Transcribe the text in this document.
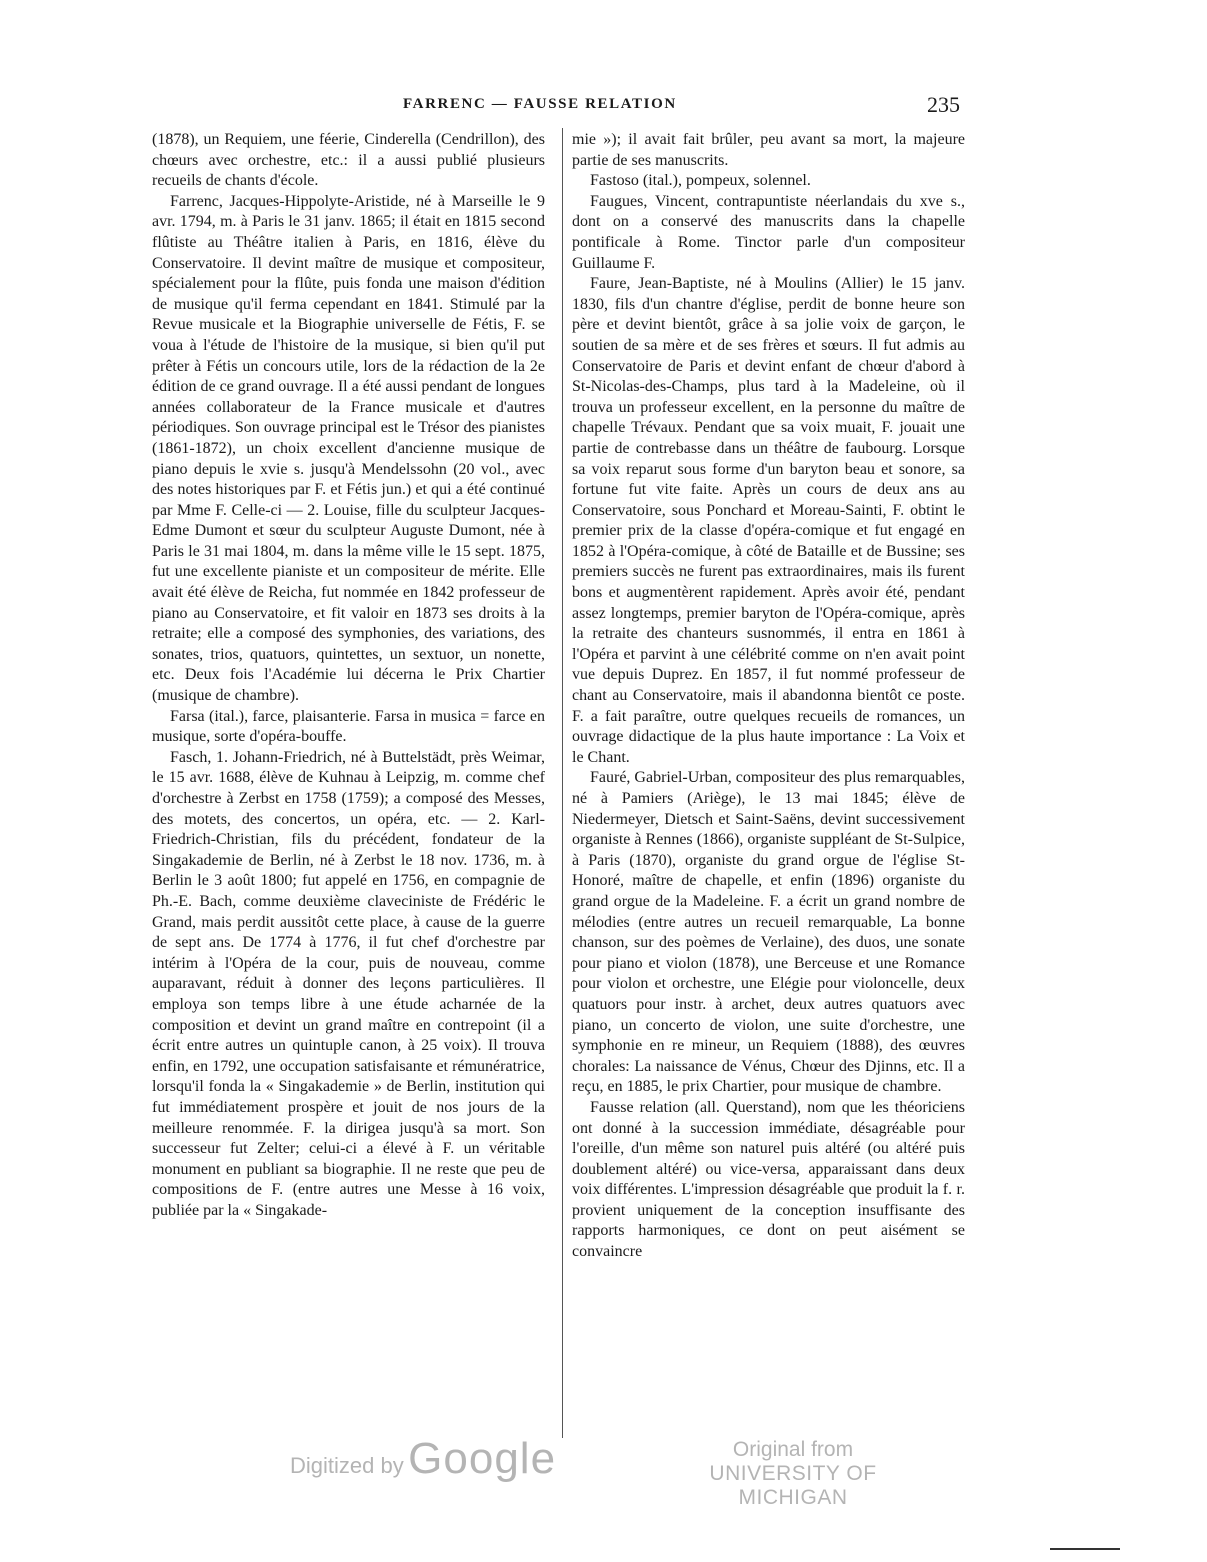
FARRENC — FAUSSE RELATION	235

(1878), un Requiem, une féerie, Cinderella (Cendrillon), des chœurs avec orchestre, etc.: il a aussi publié plusieurs recueils de chants d'école.

Farrenc, Jacques-Hippolyte-Aristide, né à Marseille le 9 avr. 1794, m. à Paris le 31 janv. 1865; il était en 1815 second flûtiste au Théâtre italien à Paris, en 1816, élève du Conservatoire. Il devint maître de musique et compositeur, spécialement pour la flûte, puis fonda une maison d'édition de musique qu'il ferma cependant en 1841. Stimulé par la Revue musicale et la Biographie universelle de Fétis, F. se voua à l'étude de l'histoire de la musique, si bien qu'il put prêter à Fétis un concours utile, lors de la rédaction de la 2e édition de ce grand ouvrage. Il a été aussi pendant de longues années collaborateur de la France musicale et d'autres périodiques. Son ouvrage principal est le Trésor des pianistes (1861-1872), un choix excellent d'ancienne musique de piano depuis le xvie s. jusqu'à Mendelssohn (20 vol., avec des notes historiques par F. et Fétis jun.) et qui a été continué par Mme F. Celle-ci — 2. Louise, fille du sculpteur Jacques-Edme Dumont et sœur du sculpteur Auguste Dumont, née à Paris le 31 mai 1804, m. dans la même ville le 15 sept. 1875, fut une excellente pianiste et un compositeur de mérite. Elle avait été élève de Reicha, fut nommée en 1842 professeur de piano au Conservatoire, et fit valoir en 1873 ses droits à la retraite; elle a composé des symphonies, des variations, des sonates, trios, quatuors, quintettes, un sextuor, un nonette, etc. Deux fois l'Académie lui décerna le Prix Chartier (musique de chambre).

Farsa (ital.), farce, plaisanterie. Farsa in musica = farce en musique, sorte d'opéra-bouffe.

Fasch, 1. Johann-Friedrich, né à Buttelstädt, près Weimar, le 15 avr. 1688, élève de Kuhnau à Leipzig, m. comme chef d'orchestre à Zerbst en 1758 (1759); a composé des Messes, des motets, des concertos, un opéra, etc. — 2. Karl-Friedrich-Christian, fils du précédent, fondateur de la Singakademie de Berlin, né à Zerbst le 18 nov. 1736, m. à Berlin le 3 août 1800; fut appelé en 1756, en compagnie de Ph.-E. Bach, comme deuxième claveciniste de Frédéric le Grand, mais perdit aussitôt cette place, à cause de la guerre de sept ans. De 1774 à 1776, il fut chef d'orchestre par intérim à l'Opéra de la cour, puis de nouveau, comme auparavant, réduit à donner des leçons particulières. Il employa son temps libre à une étude acharnée de la composition et devint un grand maître en contrepoint (il a écrit entre autres un quintuple canon, à 25 voix). Il trouva enfin, en 1792, une occupation satisfaisante et rémunératrice, lorsqu'il fonda la « Singakademie » de Berlin, institution qui fut immédiatement prospère et jouit de nos jours de la meilleure renommée. F. la dirigea jusqu'à sa mort. Son successeur fut Zelter; celui-ci a élevé à F. un véritable monument en publiant sa biographie. Il ne reste que peu de compositions de F. (entre autres une Messe à 16 voix, publiée par la « Singakade-

mie »); il avait fait brûler, peu avant sa mort, la majeure partie de ses manuscrits.

Fastoso (ital.), pompeux, solennel.

Faugues, Vincent, contrapuntiste néerlandais du xve s., dont on a conservé des manuscrits dans la chapelle pontificale à Rome. Tinctor parle d'un compositeur Guillaume F.

Faure, Jean-Baptiste, né à Moulins (Allier) le 15 janv. 1830, fils d'un chantre d'église, perdit de bonne heure son père et devint bientôt, grâce à sa jolie voix de garçon, le soutien de sa mère et de ses frères et sœurs. Il fut admis au Conservatoire de Paris et devint enfant de chœur d'abord à St-Nicolas-des-Champs, plus tard à la Madeleine, où il trouva un professeur excellent, en la personne du maître de chapelle Trévaux. Pendant que sa voix muait, F. jouait une partie de contrebasse dans un théâtre de faubourg. Lorsque sa voix reparut sous forme d'un baryton beau et sonore, sa fortune fut vite faite. Après un cours de deux ans au Conservatoire, sous Ponchard et Moreau-Sainti, F. obtint le premier prix de la classe d'opéra-comique et fut engagé en 1852 à l'Opéra-comique, à côté de Bataille et de Bussine; ses premiers succès ne furent pas extraordinaires, mais ils furent bons et augmentèrent rapidement. Après avoir été, pendant assez longtemps, premier baryton de l'Opéra-comique, après la retraite des chanteurs susnommés, il entra en 1861 à l'Opéra et parvint à une célébrité comme on n'en avait point vue depuis Duprez. En 1857, il fut nommé professeur de chant au Conservatoire, mais il abandonna bientôt ce poste. F. a fait paraître, outre quelques recueils de romances, un ouvrage didactique de la plus haute importance : La Voix et le Chant.

Fauré, Gabriel-Urban, compositeur des plus remarquables, né à Pamiers (Ariège), le 13 mai 1845; élève de Niedermeyer, Dietsch et Saint-Saëns, devint successivement organiste à Rennes (1866), organiste suppléant de St-Sulpice, à Paris (1870), organiste du grand orgue de l'église St-Honoré, maître de chapelle, et enfin (1896) organiste du grand orgue de la Madeleine. F. a écrit un grand nombre de mélodies (entre autres un recueil remarquable, La bonne chanson, sur des poèmes de Verlaine), des duos, une sonate pour piano et violon (1878), une Berceuse et une Romance pour violon et orchestre, une Elégie pour violoncelle, deux quatuors pour instr. à archet, deux autres quatuors avec piano, un concerto de violon, une suite d'orchestre, une symphonie en re mineur, un Requiem (1888), des œuvres chorales: La naissance de Vénus, Chœur des Djinns, etc. Il a reçu, en 1885, le prix Chartier, pour musique de chambre.

Fausse relation (all. Querstand), nom que les théoriciens ont donné à la succession immédiate, désagréable pour l'oreille, d'un même son naturel puis altéré (ou altéré puis doublement altéré) ou vice-versa, apparaissant dans deux voix différentes. L'impression désagréable que produit la f. r. provient uniquement de la conception insuffisante des rapports harmoniques, ce dont on peut aisément se convaincre

Digitized by Google	Original from
UNIVERSITY OF MICHIGAN
